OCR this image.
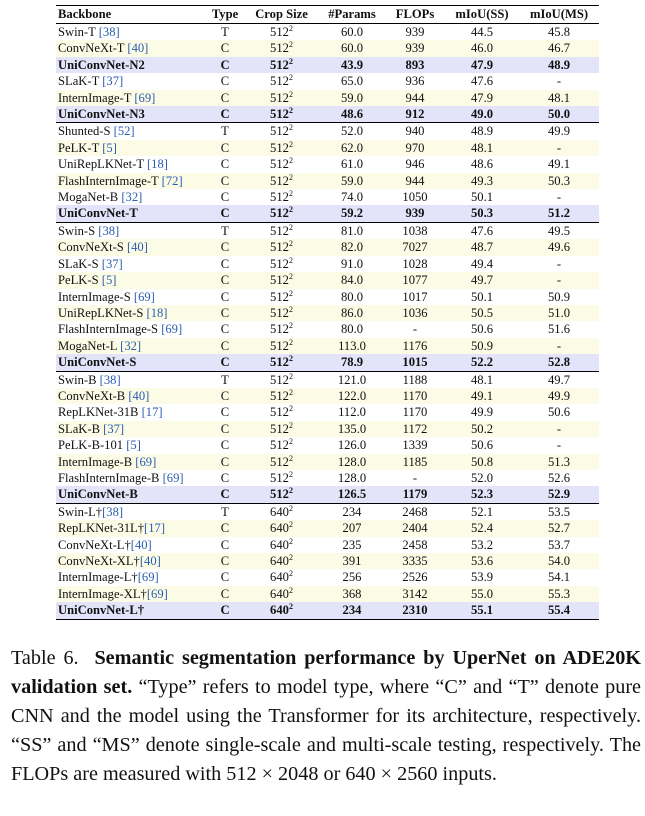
Backbone	Type	Crop Size	#Params	FLOPs	mIoU(SS)	mIoU(MS)
Swin-T [38]	T	$512^2$	60.0	939	44.5	45.8
ConvNeXt-T [40]	C	$512^2$	60.0	939	46.0	46.7
UniConvNet-N2	C	$512^2$	43.9	893	47.9	48.9
SLaK-T [37]	C	$512^2$	65.0	936	47.6	-
InternImage-T [69]	C	$512^2$	59.0	944	47.9	48.1
UniConvNet-N3	C	$512^2$	48.6	912	49.0	50.0
Shunted-S [52]	T	$512^2$	52.0	940	48.9	49.9
PeLK-T [5]	C	$512^2$	62.0	970	48.1	-
UniRepLKNet-T [18]	C	$512^2$	61.0	946	48.6	49.1
FlashInternImage-T [72]	C	$512^2$	59.0	944	49.3	50.3
MogaNet-B [32]	C	$512^2$	74.0	1050	50.1	-
UniConvNet-T	C	$512^2$	59.2	939	50.3	51.2
Swin-S [38]	T	$512^2$	81.0	1038	47.6	49.5
ConvNeXt-S [40]	C	$512^2$	82.0	7027	48.7	49.6
SLaK-S [37]	C	$512^2$	91.0	1028	49.4	-
PeLK-S [5]	C	$512^2$	84.0	1077	49.7	-
InternImage-S [69]	C	$512^2$	80.0	1017	50.1	50.9
UniRepLKNet-S [18]	C	$512^2$	86.0	1036	50.5	51.0
FlashInternImage-S [69]	C	$512^2$	80.0	-	50.6	51.6
MogaNet-L [32]	C	$512^2$	113.0	1176	50.9	-
UniConvNet-S	C	$512^2$	78.9	1015	52.2	52.8
Swin-B [38]	T	$512^2$	121.0	1188	48.1	49.7
ConvNeXt-B [40]	C	$512^2$	122.0	1170	49.1	49.9
RepLKNet-31B [17]	C	$512^2$	112.0	1170	49.9	50.6
SLaK-B [37]	C	$512^2$	135.0	1172	50.2	-
PeLK-B-101 [5]	C	$512^2$	126.0	1339	50.6	-
InternImage-B [69]	C	$512^2$	128.0	1185	50.8	51.3
FlashInternImage-B [69]	C	$512^2$	128.0	-	52.0	52.6
UniConvNet-B	C	$512^2$	126.5	1179	52.3	52.9
Swin-L†[38]	T	$640^2$	234	2468	52.1	53.5
RepLKNet-31L†[17]	C	$640^2$	207	2404	52.4	52.7
ConvNeXt-L†[40]	C	$640^2$	235	2458	53.2	53.7
ConvNeXt-XL†[40]	C	$640^2$	391	3335	53.6	54.0
InternImage-L†[69]	C	$640^2$	256	2526	53.9	54.1
InternImage-XL†[69]	C	$640^2$	368	3142	55.0	55.3
UniConvNet-L†	C	$640^2$	234	2310	55.1	55.4
Table 6. Semantic segmentation performance by UperNet on ADE20K validation set. “Type” refers to model type, where “C” and “T” denote pure CNN and the model using the Transformer for its architecture, respectively. “SS” and “MS” denote single-scale and multi-scale testing, respectively. The FLOPs are measured with 512 × 2048 or 640 × 2560 inputs.
